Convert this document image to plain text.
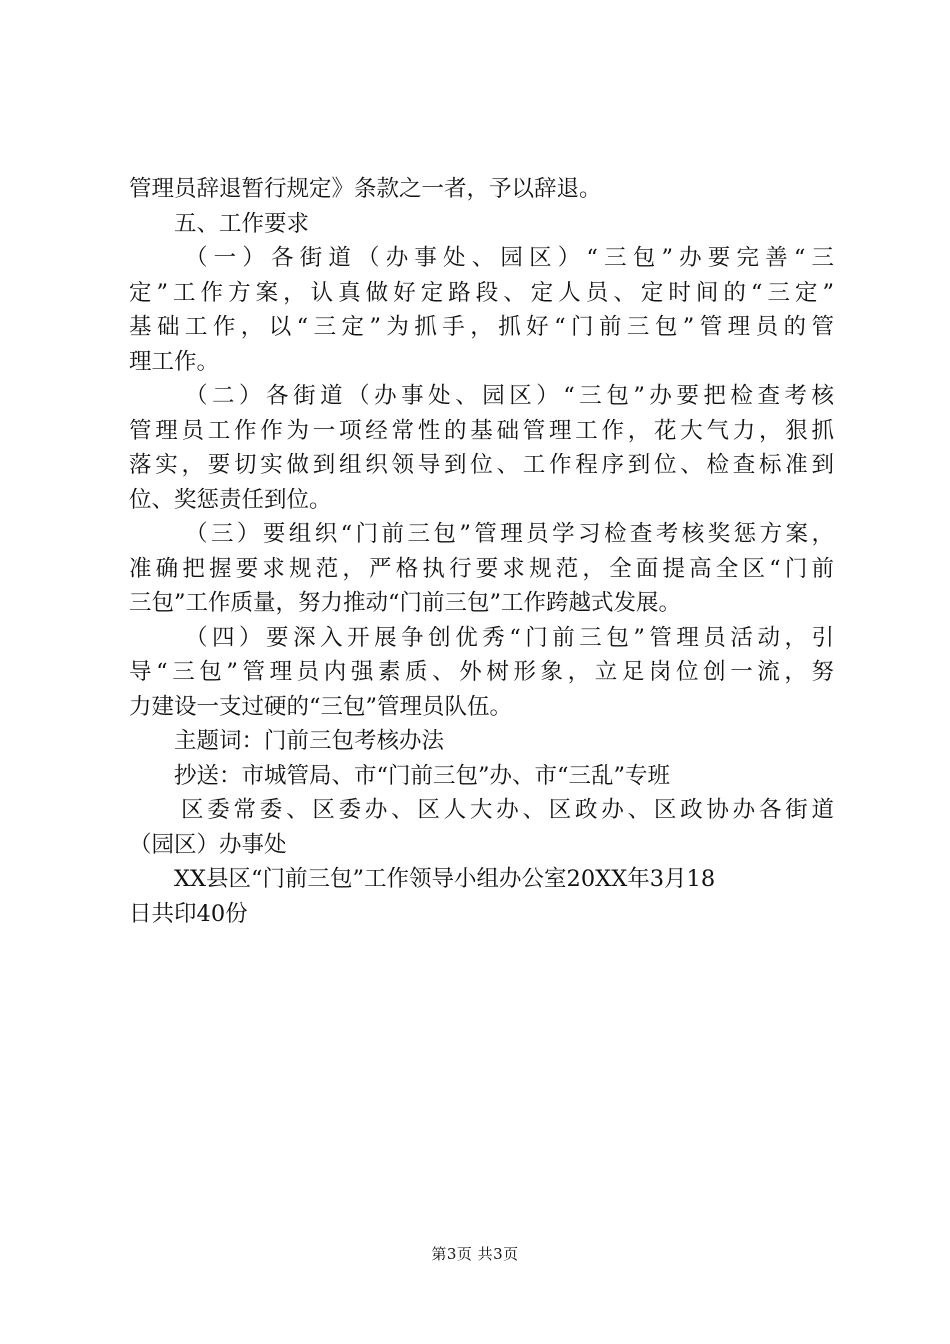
管理员辞退暂行规定》条款之一者，予以辞退。
五、工作要求
（一）各街道（办事处、园区）“三包”办要完善“三
定”工作方案，认真做好定路段、定人员、定时间的“三定”
基础工作，以“三定”为抓手，抓好“门前三包”管理员的管
理工作。
（二）各街道（办事处、园区）“三包”办要把检查考核
管理员工作作为一项经常性的基础管理工作，花大气力，狠抓
落实，要切实做到组织领导到位、工作程序到位、检查标准到
位、奖惩责任到位。
（三）要组织“门前三包”管理员学习检查考核奖惩方案，
准确把握要求规范，严格执行要求规范，全面提高全区“门前
三包”工作质量，努力推动“门前三包”工作跨越式发展。
（四）要深入开展争创优秀“门前三包”管理员活动，引
导“三包”管理员内强素质、外树形象，立足岗位创一流，努
力建设一支过硬的“三包”管理员队伍。
主题词：门前三包考核办法
抄送：市城管局、市“门前三包”办、市“三乱”专班
区委常委、区委办、区人大办、区政办、区政协办各街道
（园区）办事处
XX县区“门前三包”工作领导小组办公室20XX年3月18
日共印40份
第3页 共3页
